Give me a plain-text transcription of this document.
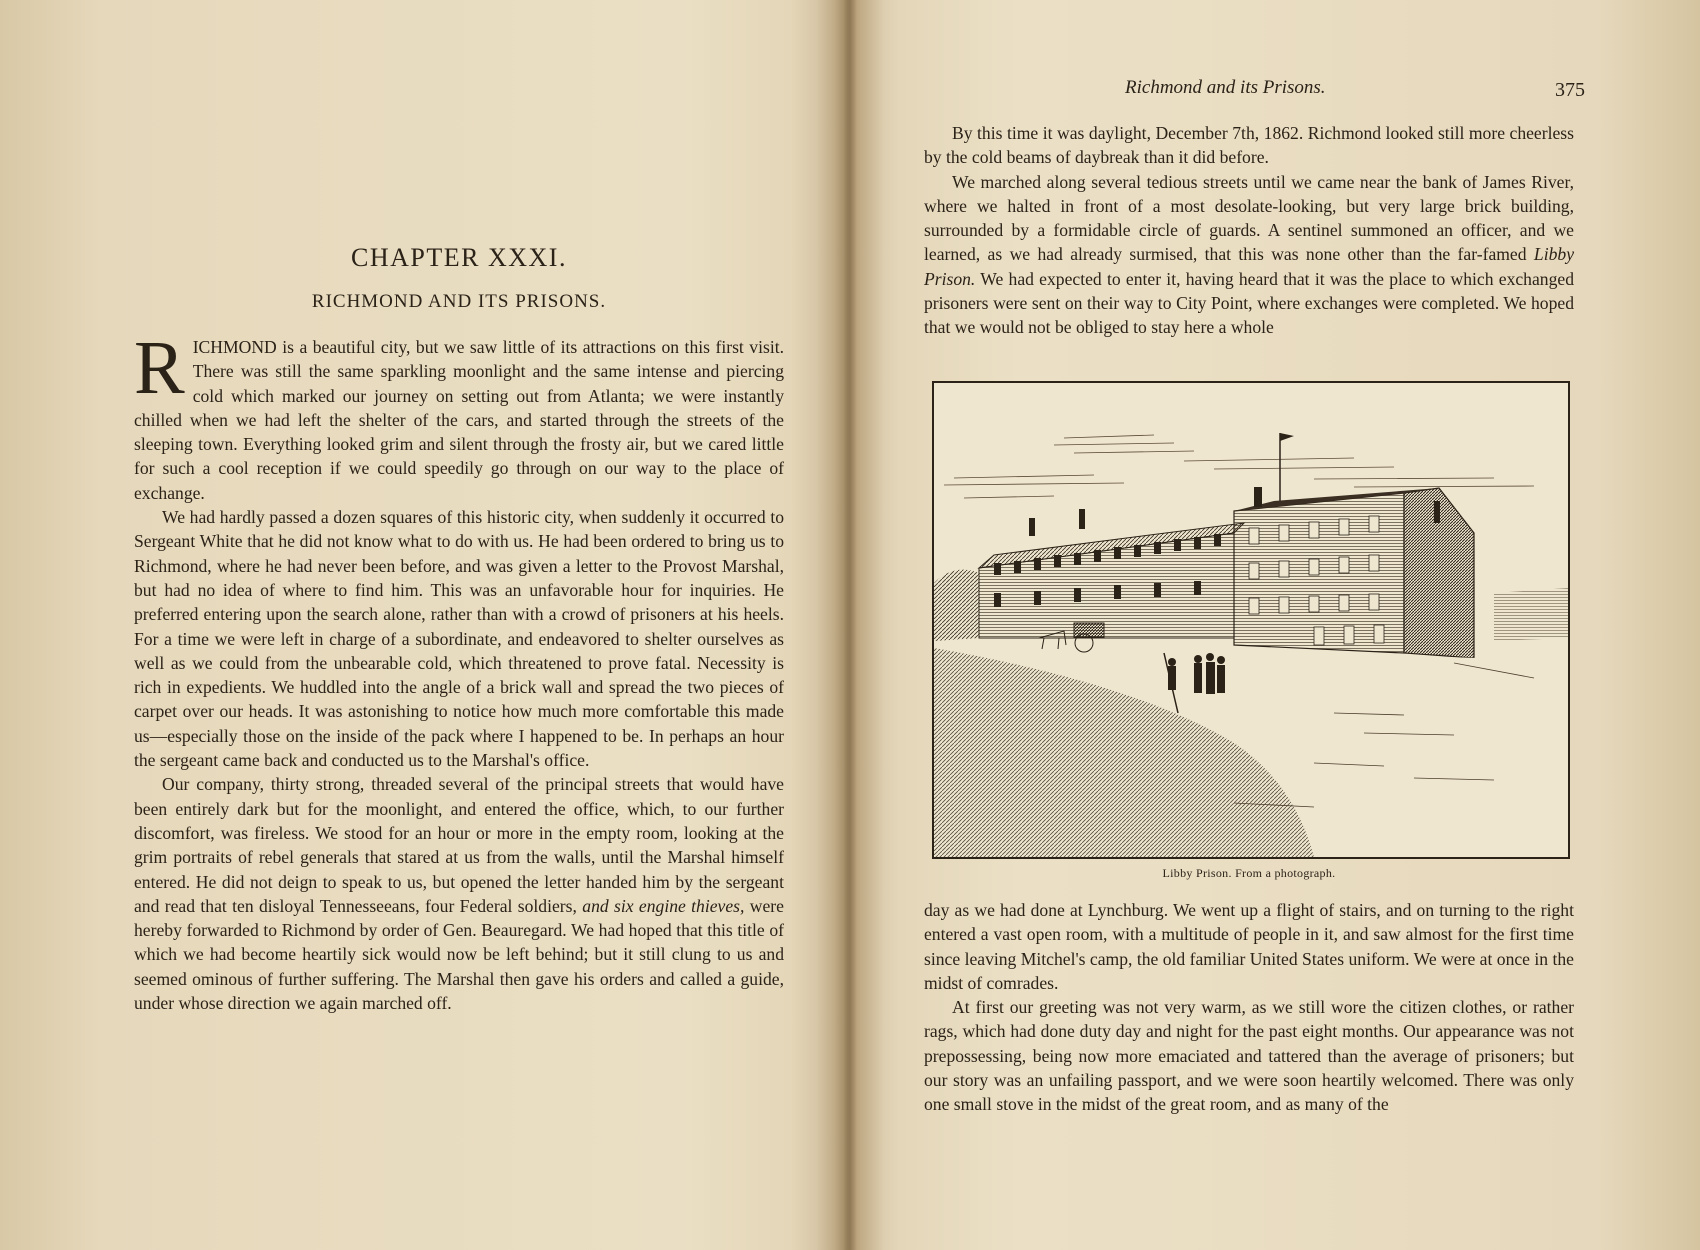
CHAPTER XXXI.
RICHMOND AND ITS PRISONS.

RICHMOND is a beautiful city, but we saw little of its attractions on this first visit. There was still the same sparkling moonlight and the same intense and piercing cold which marked our journey on setting out from Atlanta; we were instantly chilled when we had left the shelter of the cars, and started through the streets of the sleeping town. Everything looked grim and silent through the frosty air, but we cared little for such a cool reception if we could speedily go through on our way to the place of exchange.

We had hardly passed a dozen squares of this historic city, when suddenly it occurred to Sergeant White that he did not know what to do with us. He had been ordered to bring us to Richmond, where he had never been before, and was given a letter to the Provost Marshal, but had no idea of where to find him. This was an unfavorable hour for inquiries. He preferred entering upon the search alone, rather than with a crowd of prisoners at his heels. For a time we were left in charge of a subordinate, and endeavored to shelter ourselves as well as we could from the unbearable cold, which threatened to prove fatal. Necessity is rich in expedients. We huddled into the angle of a brick wall and spread the two pieces of carpet over our heads. It was astonishing to notice how much more comfortable this made us—especially those on the inside of the pack where I happened to be. In perhaps an hour the sergeant came back and conducted us to the Marshal's office.

Our company, thirty strong, threaded several of the principal streets that would have been entirely dark but for the moonlight, and entered the office, which, to our further discomfort, was fireless. We stood for an hour or more in the empty room, looking at the grim portraits of rebel generals that stared at us from the walls, until the Marshal himself entered. He did not deign to speak to us, but opened the letter handed him by the sergeant and read that ten disloyal Tennesseeans, four Federal soldiers, and six engine thieves, were hereby forwarded to Richmond by order of Gen. Beauregard. We had hoped that this title of which we had become heartily sick would now be left behind; but it still clung to us and seemed ominous of further suffering. The Marshal then gave his orders and called a guide, under whose direction we again marched off.

Richmond and its Prisons.	375

By this time it was daylight, December 7th, 1862. Richmond looked still more cheerless by the cold beams of daybreak than it did before.

We marched along several tedious streets until we came near the bank of James River, where we halted in front of a most desolate-looking, but very large brick building, surrounded by a formidable circle of guards. A sentinel summoned an officer, and we learned, as we had already surmised, that this was none other than the far-famed Libby Prison. We had expected to enter it, having heard that it was the place to which exchanged prisoners were sent on their way to City Point, where exchanges were completed. We hoped that we would not be obliged to stay here a whole

Libby Prison. From a photograph.

day as we had done at Lynchburg. We went up a flight of stairs, and on turning to the right entered a vast open room, with a multitude of people in it, and saw almost for the first time since leaving Mitchel's camp, the old familiar United States uniform. We were at once in the midst of comrades.

At first our greeting was not very warm, as we still wore the citizen clothes, or rather rags, which had done duty day and night for the past eight months. Our appearance was not prepossessing, being now more emaciated and tattered than the average of prisoners; but our story was an unfailing passport, and we were soon heartily welcomed. There was only one small stove in the midst of the great room, and as many of the
